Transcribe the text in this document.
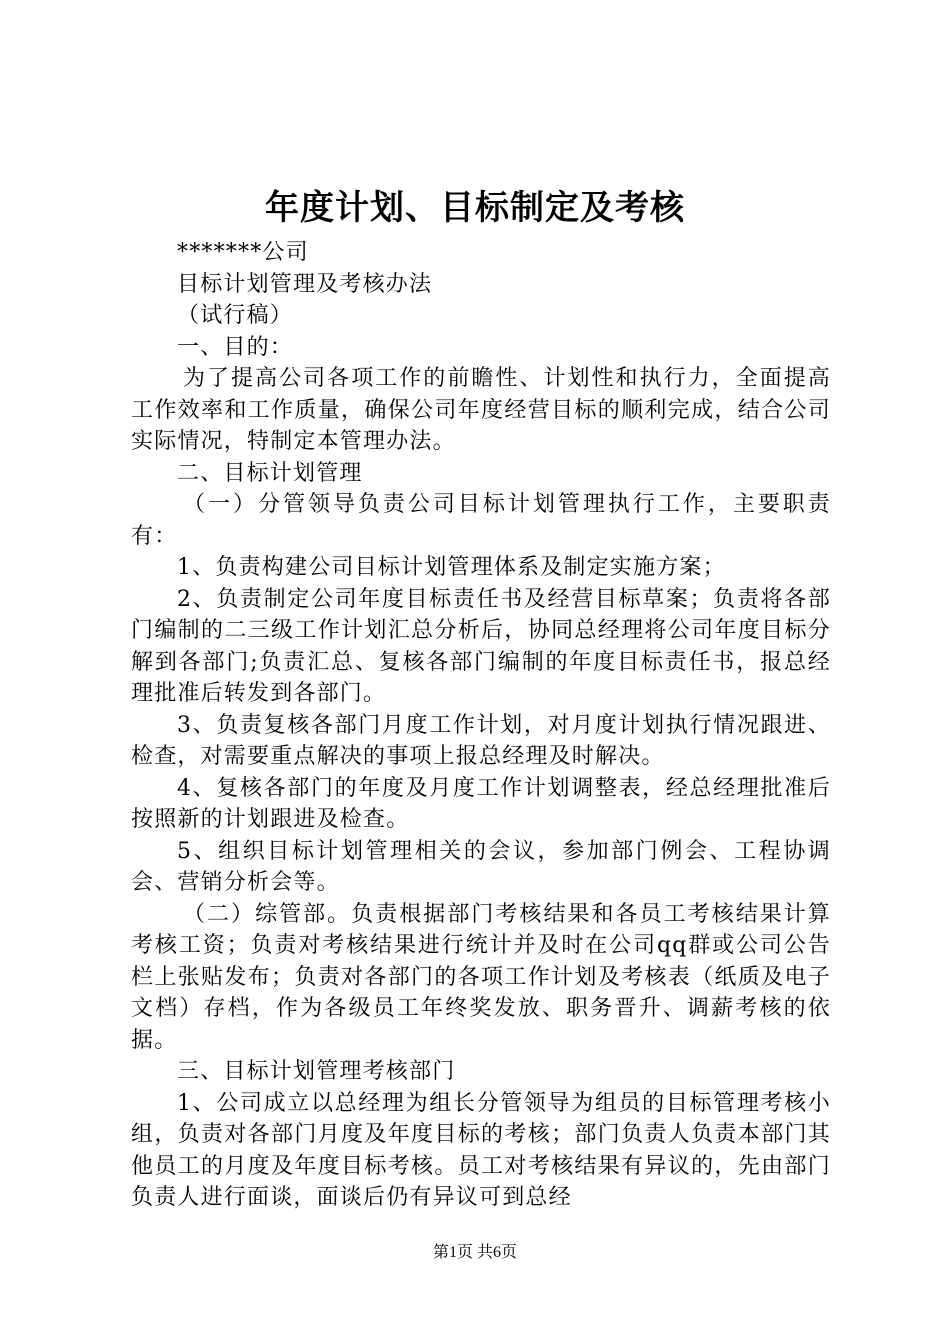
年度计划、目标制定及考核

*******公司

目标计划管理及考核办法

（试行稿）

一、目的：

为了提高公司各项工作的前瞻性、计划性和执行力，全面提高工作效率和工作质量，确保公司年度经营目标的顺利完成，结合公司实际情况，特制定本管理办法。

二、目标计划管理

（一）分管领导负责公司目标计划管理执行工作，主要职责有：

1、负责构建公司目标计划管理体系及制定实施方案；

2、负责制定公司年度目标责任书及经营目标草案；负责将各部门编制的二三级工作计划汇总分析后，协同总经理将公司年度目标分解到各部门;负责汇总、复核各部门编制的年度目标责任书，报总经理批准后转发到各部门。

3、负责复核各部门月度工作计划，对月度计划执行情况跟进、检查，对需要重点解决的事项上报总经理及时解决。

4、复核各部门的年度及月度工作计划调整表，经总经理批准后按照新的计划跟进及检查。

5、组织目标计划管理相关的会议，参加部门例会、工程协调会、营销分析会等。

（二）综管部。负责根据部门考核结果和各员工考核结果计算考核工资；负责对考核结果进行统计并及时在公司qq群或公司公告栏上张贴发布；负责对各部门的各项工作计划及考核表（纸质及电子文档）存档，作为各级员工年终奖发放、职务晋升、调薪考核的依据。

三、目标计划管理考核部门

1、公司成立以总经理为组长分管领导为组员的目标管理考核小组，负责对各部门月度及年度目标的考核；部门负责人负责本部门其他员工的月度及年度目标考核。员工对考核结果有异议的，先由部门负责人进行面谈，面谈后仍有异议可到总经

第1页 共6页
